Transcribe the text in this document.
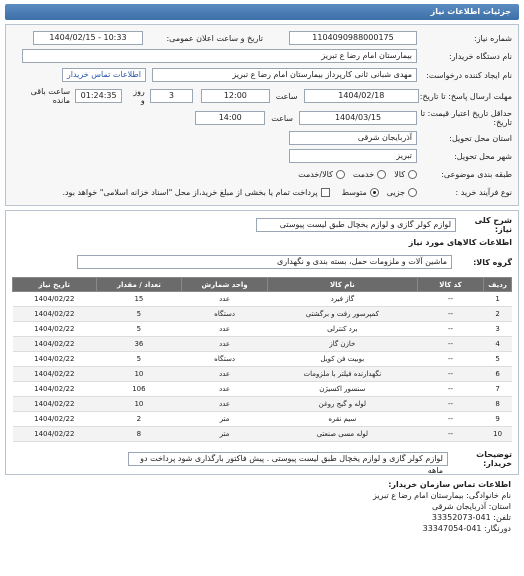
جزئیات اطلاعات نیاز
شماره نیاز:
1104090988000175
تاریخ و ساعت اعلان عمومی:
1404/02/15 - 10:33
نام دستگاه خریدار:
بیمارستان امام رضا ع تبریز
نام ایجاد کننده درخواست:
مهدی شبانی ثانی کارپرداز بیمارستان امام رضا ع تبریز
اطلاعات تماس خریدار
مهلت ارسال پاسخ: تا تاریخ:
1404/02/18
ساعت
12:00
3
روز و
01:24:35
ساعت باقی مانده
حداقل تاریخ اعتبار قیمت: تا تاریخ:
1404/03/15
ساعت
14:00
استان محل تحویل:
آذربایجان شرقی
شهر محل تحویل:
تبریز
طبقه بندی موضوعی:
کالا
خدمت
کالا/خدمت
نوع فرآیند خرید :
جزیی
متوسط
پرداخت تمام یا بخشی از مبلغ خرید،از محل "اسناد خزانه اسلامی" خواهد بود.
شرح کلی نیاز:
لوازم کولر گازی و لوازم یخچال طبق لیست پیوستی
اطلاعات کالاهای مورد نیاز
گروه کالا:
ماشین آلات و ملزومات حمل، بسته بندی و نگهداری
ردیف	کد کالا	نام کالا	واحد شمارش	تعداد / مقدار	تاریخ نیاز
1	--	گاز فیرد	عدد	15	1404/02/22
2	--	کمپرسور رفت و برگشتی	دستگاه	5	1404/02/22
3	--	برد کنترلی	عدد	5	1404/02/22
4	--	خازن گاز	عدد	36	1404/02/22
5	--	بوبیت فن کویل	دستگاه	5	1404/02/22
6	--	نگهدارنده فیلتر با ملزومات	عدد	10	1404/02/22
7	--	سنسور اکسیژن	عدد	106	1404/02/22
8	--	لوله و گیج روغن	عدد	10	1404/02/22
9	--	سیم نقره	متر	2	1404/02/22
10	--	لوله مسی صنعتی	متر	8	1404/02/22
توضیحات خریدار:
لوازم کولر گازی و لوازم یخچال طبق لیست پیوستی . پیش فاکتور بارگذاری شود پرداخت دو ماهه
اطلاعات تماس سازمان خریدار:
نام خانوادگی: بیمارستان امام رضا ع تبریز
استان: آذربایجان شرقی
تلفن: 041-33352073
دورنگار: 041-33347054
